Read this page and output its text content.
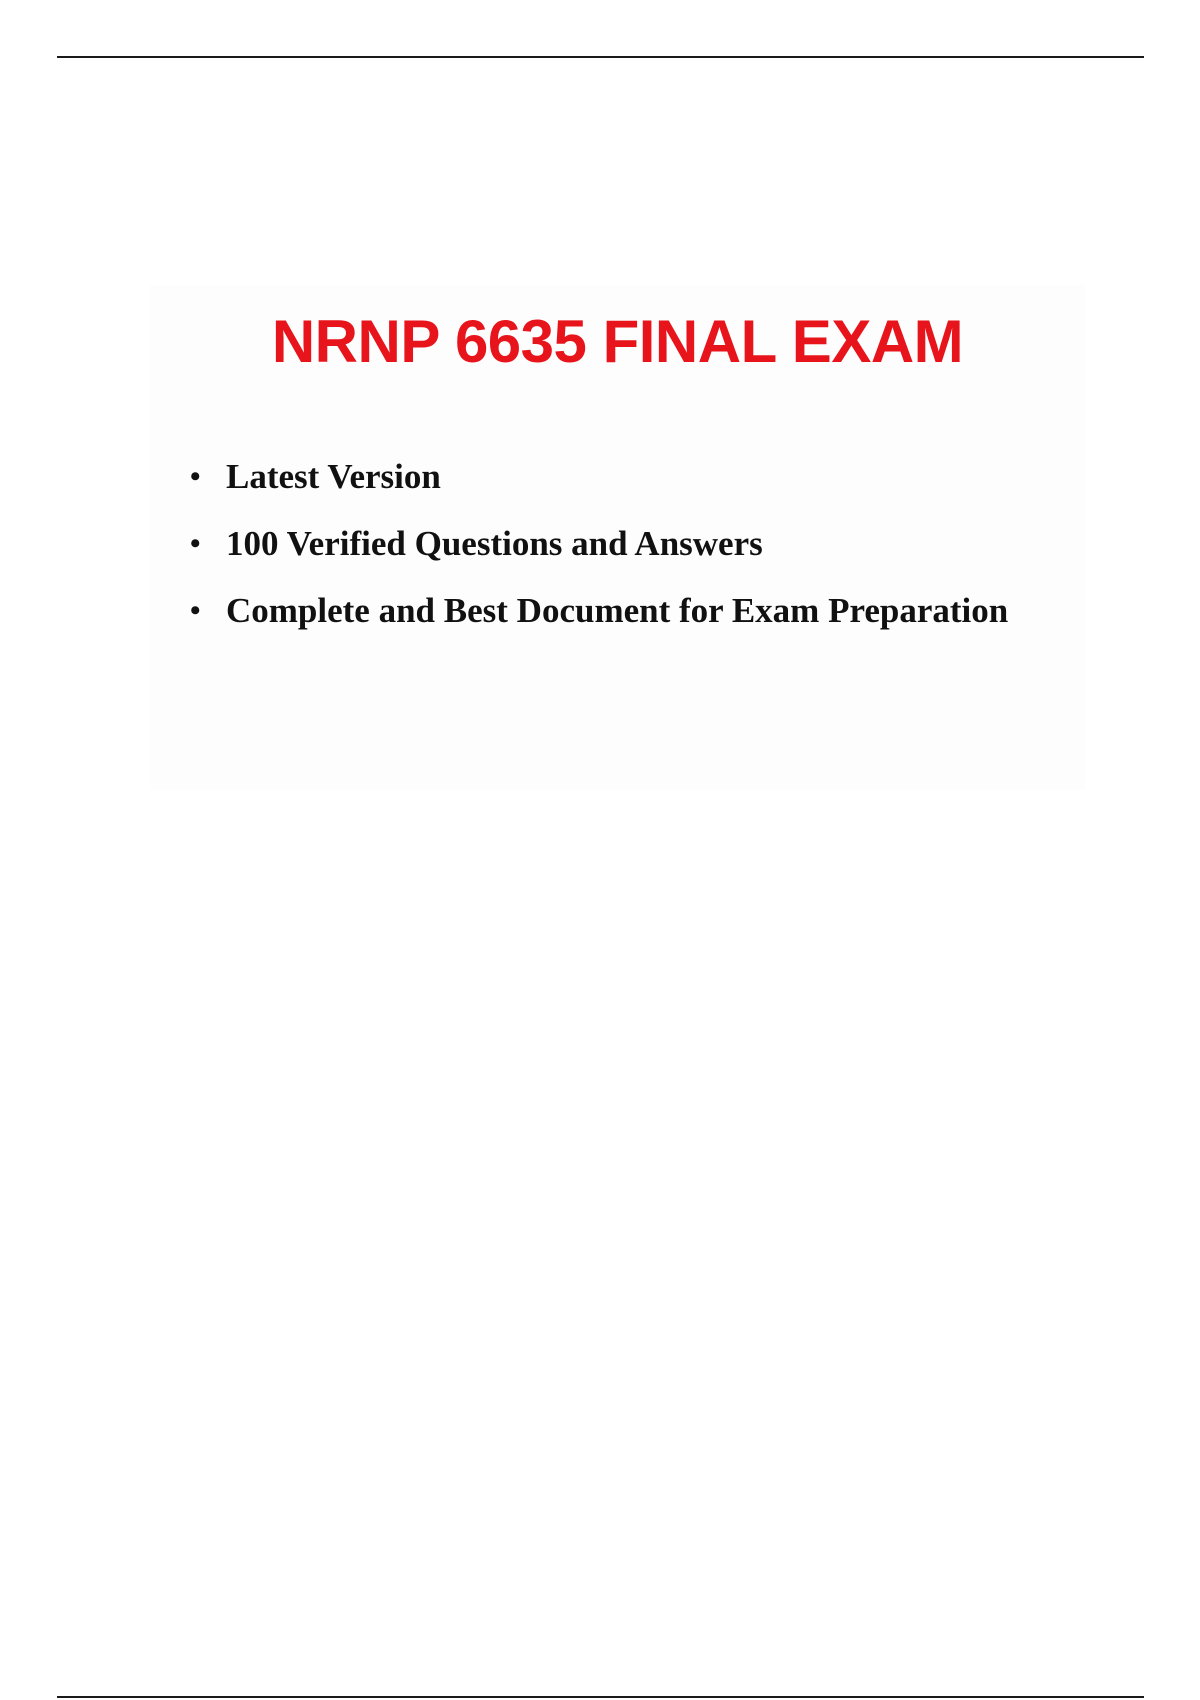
NRNP 6635 FINAL EXAM
• Latest Version
• 100 Verified Questions and Answers
• Complete and Best Document for Exam Preparation
